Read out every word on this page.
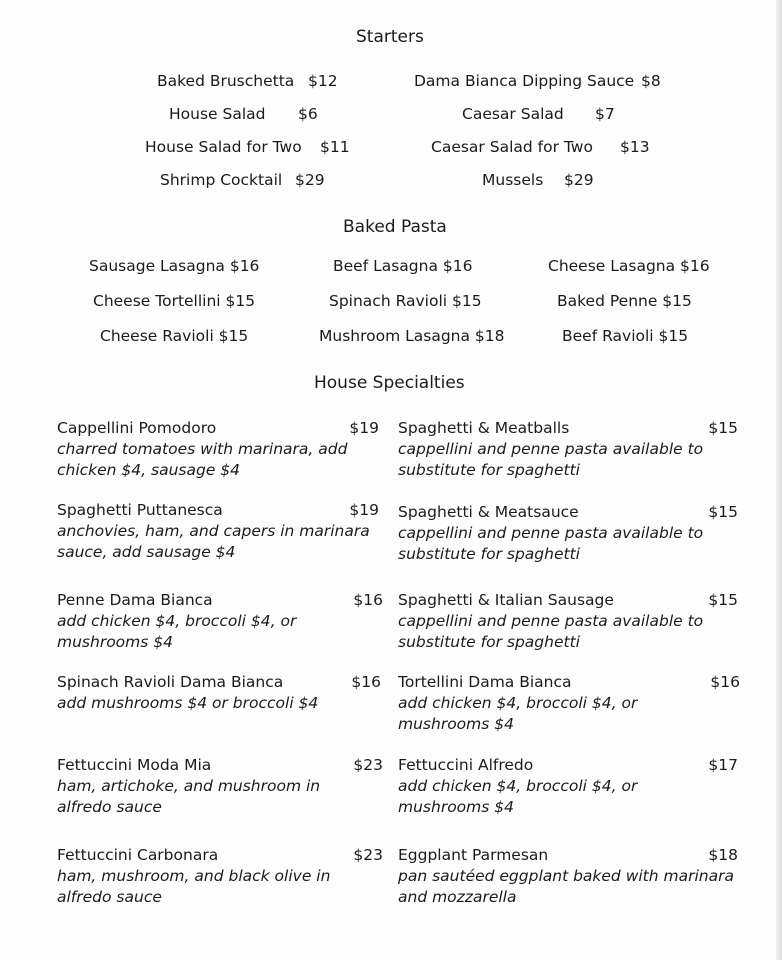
Starters
Baked Bruschetta $12	Dama Bianca Dipping Sauce $8
House Salad $6	Caesar Salad $7
House Salad for Two $11	Caesar Salad for Two $13
Shrimp Cocktail $29	Mussels $29
Baked Pasta
Sausage Lasagna $16	Beef Lasagna $16	Cheese Lasagna $16
Cheese Tortellini $15	Spinach Ravioli $15	Baked Penne $15
Cheese Ravioli $15	Mushroom Lasagna $18	Beef Ravioli $15
House Specialties
Cappellini Pomodoro	$19
charred tomatoes with marinara, add chicken $4, sausage $4
Spaghetti & Meatballs	$15
cappellini and penne pasta available to substitute for spaghetti
Spaghetti Puttanesca	$19
anchovies, ham, and capers in marinara sauce, add sausage $4
Spaghetti & Meatsauce	$15
cappellini and penne pasta available to substitute for spaghetti
Penne Dama Bianca	$16
add chicken $4, broccoli $4, or mushrooms $4
Spaghetti & Italian Sausage	$15
cappellini and penne pasta available to substitute for spaghetti
Spinach Ravioli Dama Bianca	$16
add mushrooms $4 or broccoli $4
Tortellini Dama Bianca	$16
add chicken $4, broccoli $4, or mushrooms $4
Fettuccini Moda Mia	$23
ham, artichoke, and mushroom in alfredo sauce
Fettuccini Alfredo	$17
add chicken $4, broccoli $4, or mushrooms $4
Fettuccini Carbonara	$23
ham, mushroom, and black olive in alfredo sauce
Eggplant Parmesan	$18
pan sautéed eggplant baked with marinara and mozzarella
